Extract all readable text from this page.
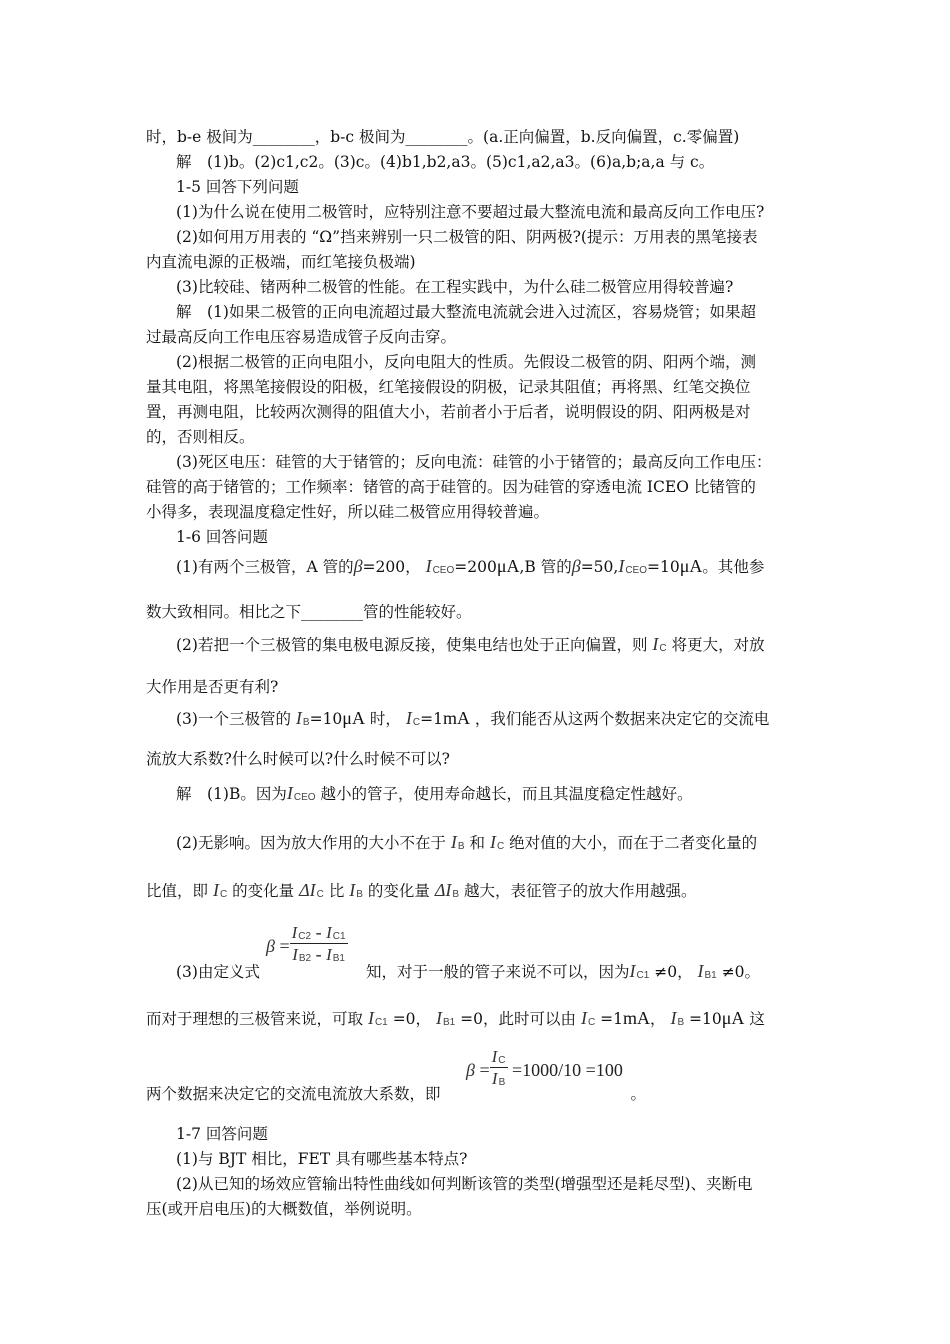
时，b-e 极间为________，b-c 极间为________。(a.正向偏置，b.反向偏置，c.零偏置)
解　(1)b。(2)c1,c2。(3)c。(4)b1,b2,a3。(5)c1,a2,a3。(6)a,b;a,a 与 c。
1-5 回答下列问题
(1)为什么说在使用二极管时，应特别注意不要超过最大整流电流和最高反向工作电压?
(2)如何用万用表的 “Ω”挡来辨别一只二极管的阳、阴两极?(提示：万用表的黑笔接表
内直流电源的正极端，而红笔接负极端)
(3)比较硅、锗两种二极管的性能。在工程实践中，为什么硅二极管应用得较普遍?
解　(1)如果二极管的正向电流超过最大整流电流就会进入过流区，容易烧管；如果超
过最高反向工作电压容易造成管子反向击穿。
(2)根据二极管的正向电阻小，反向电阻大的性质。先假设二极管的阴、阳两个端，测
量其电阻，将黑笔接假设的阳极，红笔接假设的阴极，记录其阻值；再将黑、红笔交换位
置，再测电阻，比较两次测得的阻值大小，若前者小于后者，说明假设的阴、阳两极是对
的，否则相反。
(3)死区电压：硅管的大于锗管的；反向电流：硅管的小于锗管的；最高反向工作电压：
硅管的高于锗管的；工作频率：锗管的高于硅管的。因为硅管的穿透电流 ICEO 比锗管的
小得多，表现温度稳定性好，所以硅二极管应用得较普遍。
1-6 回答问题
(1)有两个三极管，A 管的β=200， ICEO=200μA,B 管的β=50,ICEO=10μA。其他参
数大致相同。相比之下________管的性能较好。
(2)若把一个三极管的集电极电源反接，使集电结也处于正向偏置，则 IC 将更大，对放
大作用是否更有利?
(3)一个三极管的 IB=10μA 时， IC=1mA ，我们能否从这两个数据来决定它的交流电
流放大系数?什么时候可以?什么时候不可以?
解　(1)B。因为ICEO 越小的管子，使用寿命越长，而且其温度稳定性越好。
(2)无影响。因为放大作用的大小不在于 IB 和 IC 绝对值的大小，而在于二者变化量的
比值，即 IC 的变化量 ΔIC 比 IB 的变化量 ΔIB 越大，表征管子的放大作用越强。
$\beta = \frac{IC2 - IC1}{IB2 - IB1}$
(3)由定义式	知，对于一般的管子来说不可以，因为IC1 ≠0， IB1 ≠0。
而对于理想的三极管来说，可取 IC1 =0， IB1 =0，此时可以由 IC =1mA， IB =10μA 这
$\beta = \frac{IC}{IB} =1000/10 =100$
两个数据来决定它的交流电流放大系数，即	。
1-7 回答问题
(1)与 BJT 相比，FET 具有哪些基本特点?
(2)从已知的场效应管输出特性曲线如何判断该管的类型(增强型还是耗尽型)、夹断电
压(或开启电压)的大概数值，举例说明。
